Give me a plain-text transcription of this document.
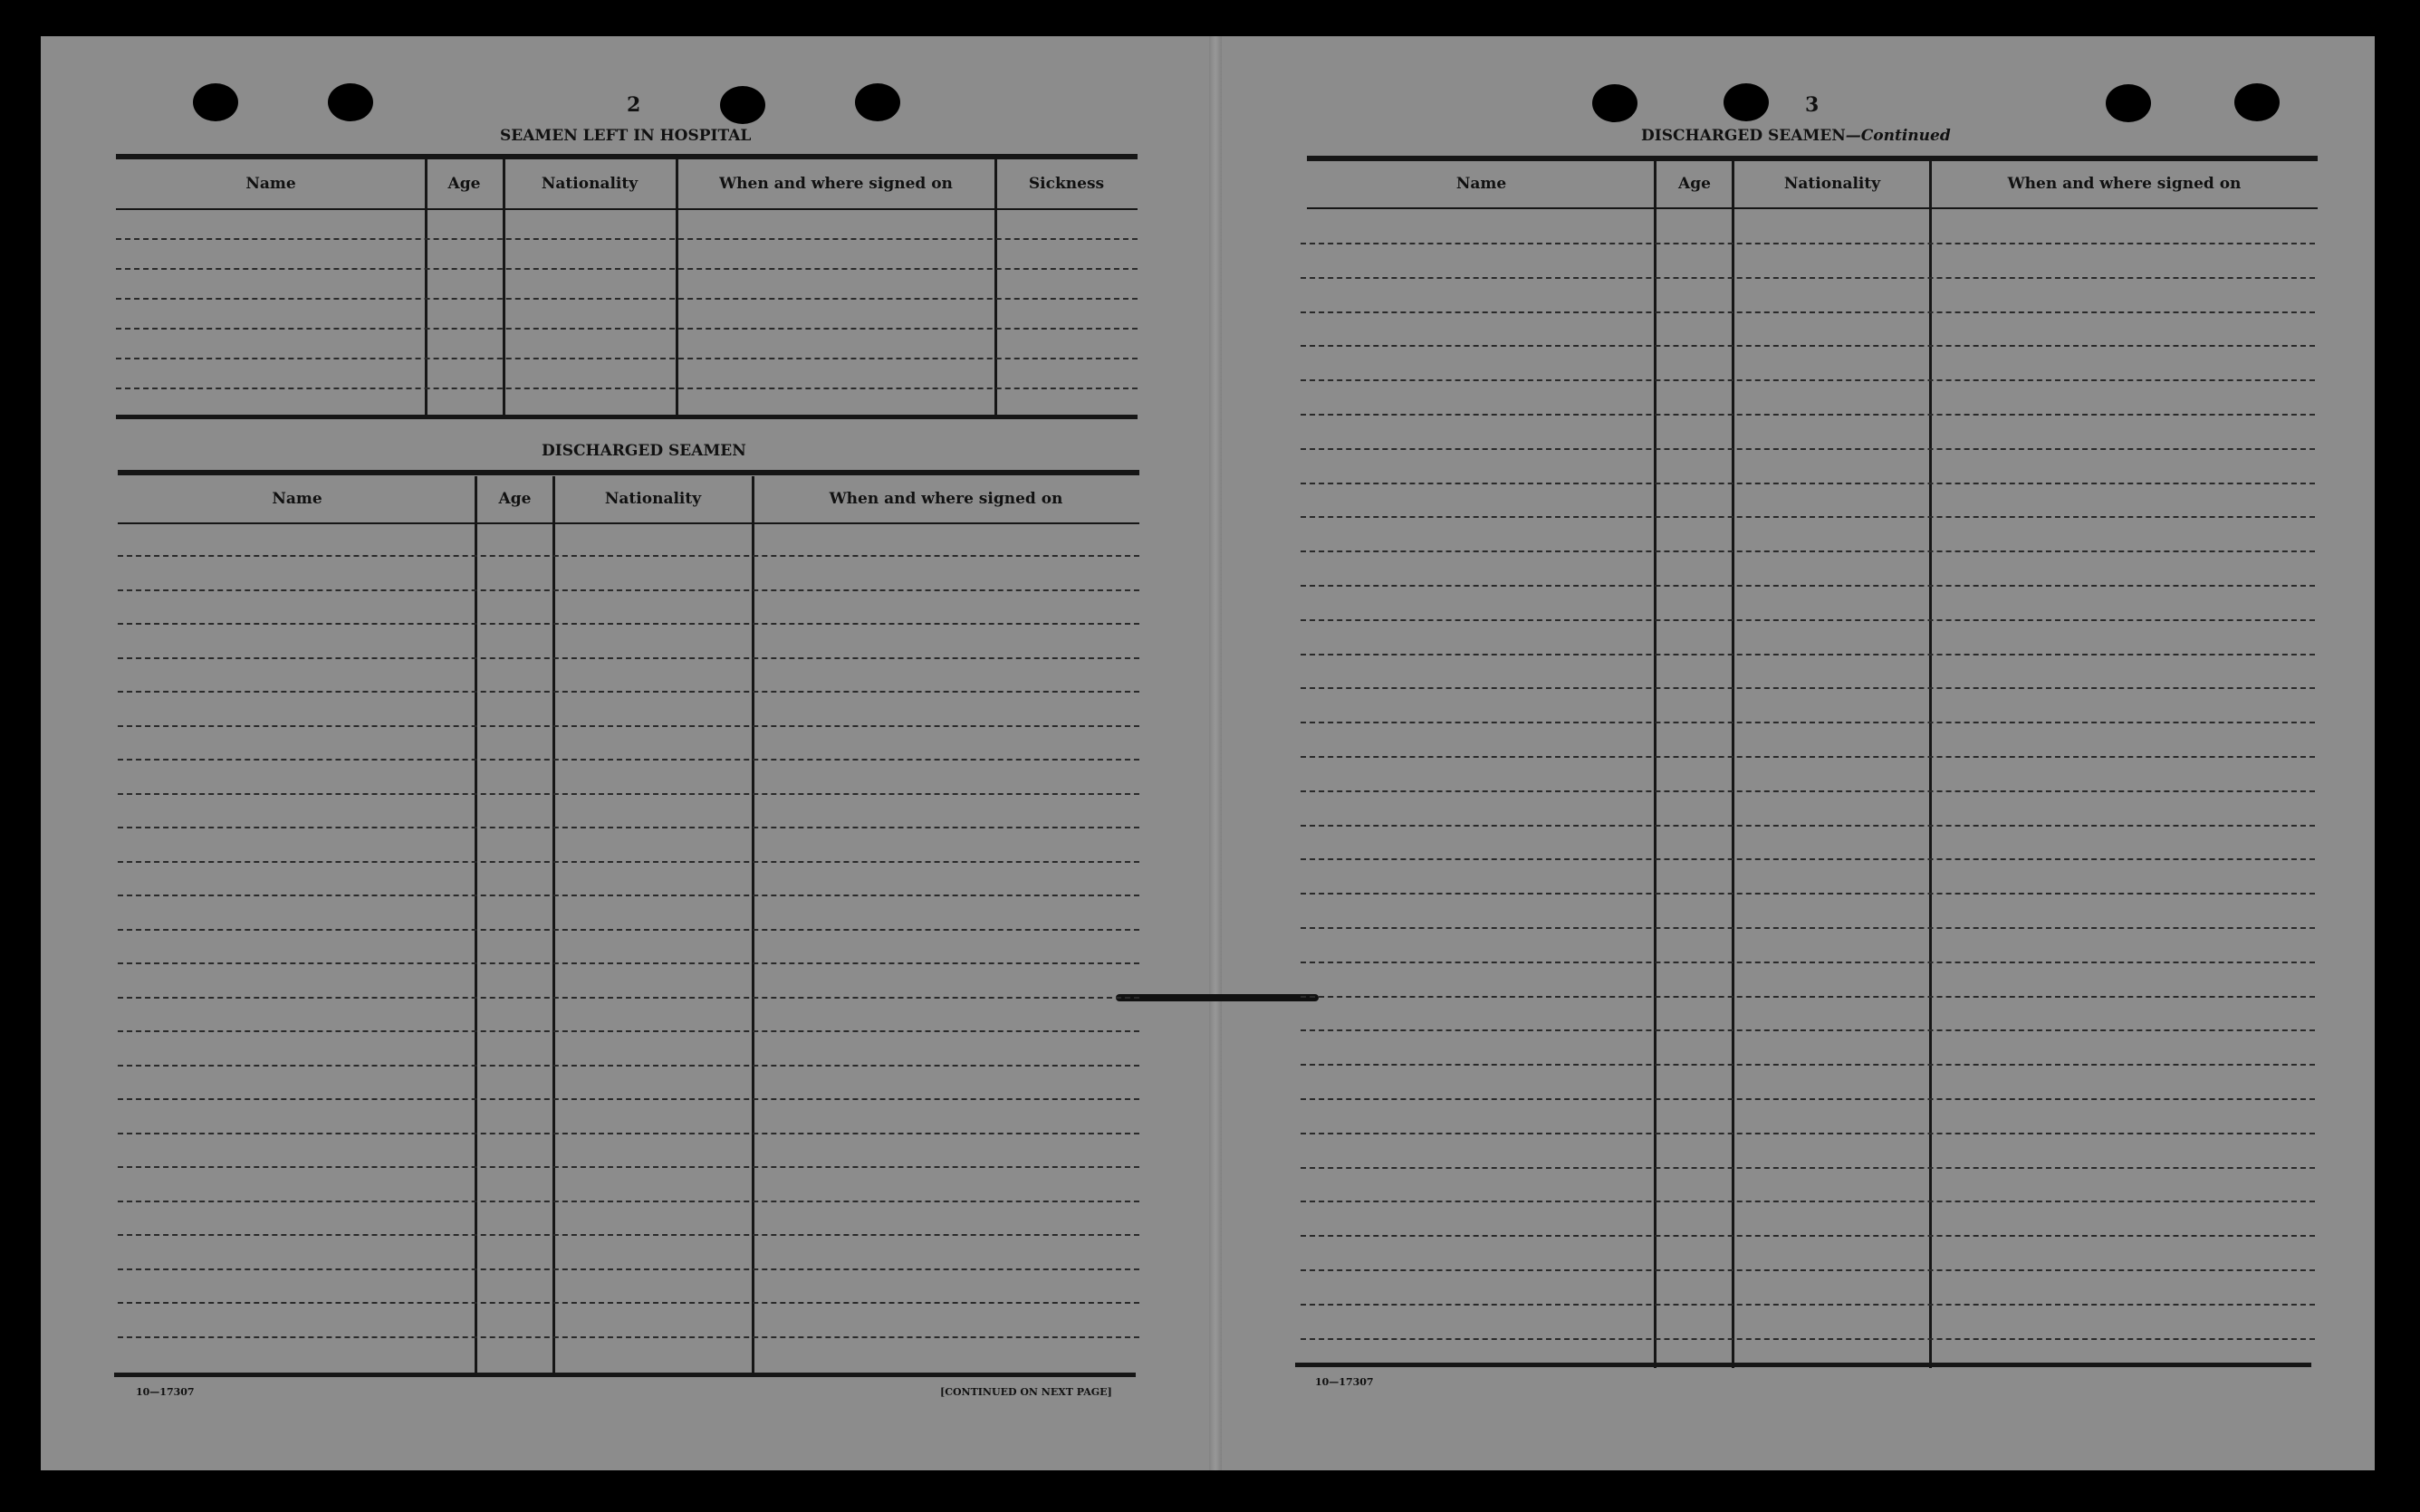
2
SEAMEN LEFT IN HOSPITAL
Name	Age	Nationality	When and where signed on	Sickness
DISCHARGED SEAMEN
Name	Age	Nationality	When and where signed on
10—17307	[CONTINUED ON NEXT PAGE]
3
DISCHARGED SEAMEN—Continued
Name	Age	Nationality	When and where signed on
10—17307
